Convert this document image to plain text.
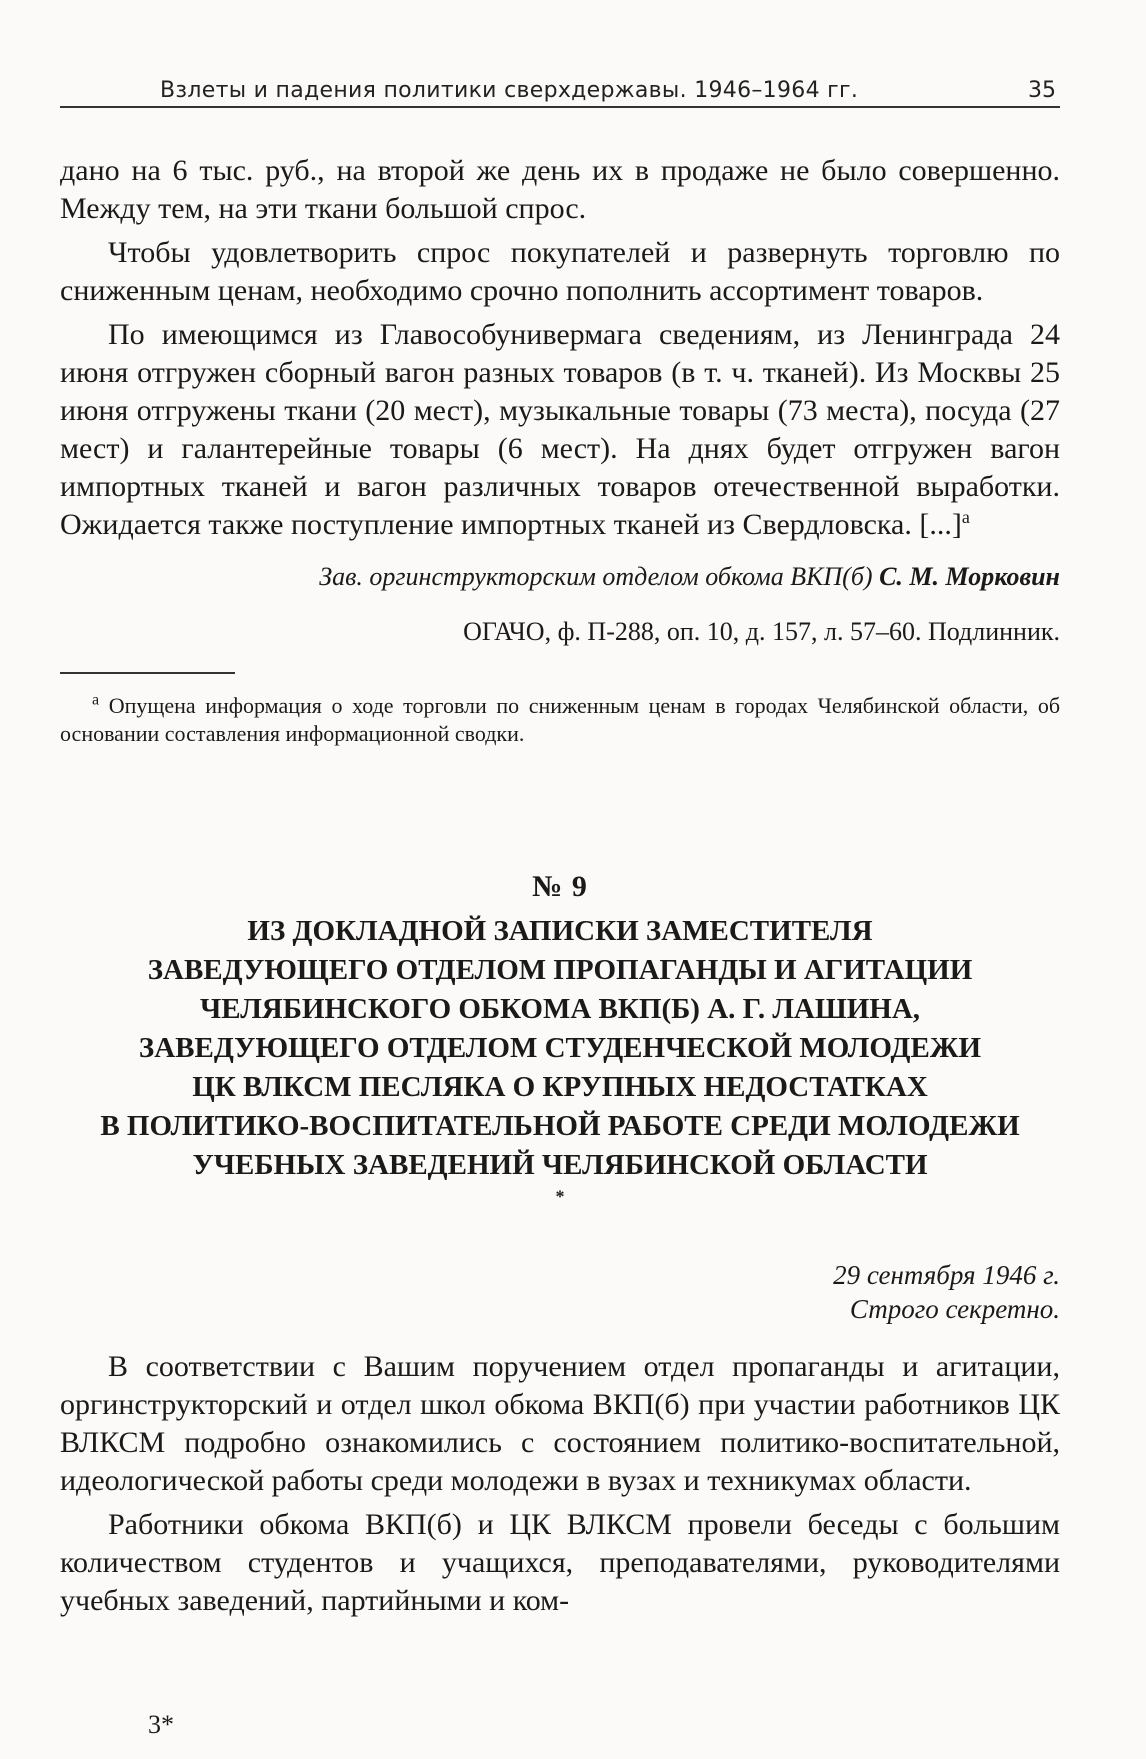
Взлеты и падения политики сверхдержавы. 1946–1964 гг.	35

дано на 6 тыс. руб., на второй же день их в продаже не было совершенно. Между тем, на эти ткани большой спрос.

Чтобы удовлетворить спрос покупателей и развернуть торговлю по сниженным ценам, необходимо срочно пополнить ассортимент товаров.

По имеющимся из Главособунивермага сведениям, из Ленинграда 24 июня отгружен сборный вагон разных товаров (в т. ч. тканей). Из Москвы 25 июня отгружены ткани (20 мест), музыкальные товары (73 места), посуда (27 мест) и галантерейные товары (6 мест). На днях будет отгружен вагон импортных тканей и вагон различных товаров отечественной выработки. Ожидается также поступление импортных тканей из Свердловска. [...]$^а$

Зав. оргинструкторским отделом обкома ВКП(б) С. М. Морковин
ОГАЧО, ф. П-288, оп. 10, д. 157, л. 57–60. Подлинник.
$^а$ Опущена информация о ходе торговли по сниженным ценам в городах Челябинской области, об основании составления информационной сводки.
№ 9
ИЗ ДОКЛАДНОЙ ЗАПИСКИ ЗАМЕСТИТЕЛЯ
ЗАВЕДУЮЩЕГО ОТДЕЛОМ ПРОПАГАНДЫ И АГИТАЦИИ
ЧЕЛЯБИНСКОГО ОБКОМА ВКП(Б) А. Г. ЛАШИНА,
ЗАВЕДУЮЩЕГО ОТДЕЛОМ СТУДЕНЧЕСКОЙ МОЛОДЕЖИ
ЦК ВЛКСМ ПЕСЛЯКА О КРУПНЫХ НЕДОСТАТКАХ
В ПОЛИТИКО-ВОСПИТАТЕЛЬНОЙ РАБОТЕ СРЕДИ МОЛОДЕЖИ
УЧЕБНЫХ ЗАВЕДЕНИЙ ЧЕЛЯБИНСКОЙ ОБЛАСТИ
*
29 сентября 1946 г.
Строго секретно.

В соответствии с Вашим поручением отдел пропаганды и агитации, оргинструкторский и отдел школ обкома ВКП(б) при участии работников ЦК ВЛКСМ подробно ознакомились с состоянием политико-воспитательной, идеологической работы среди молодежи в вузах и техникумах области.

Работники обкома ВКП(б) и ЦК ВЛКСМ провели беседы с большим количеством студентов и учащихся, преподавателями, руководителями учебных заведений, партийными и ком-

3*
